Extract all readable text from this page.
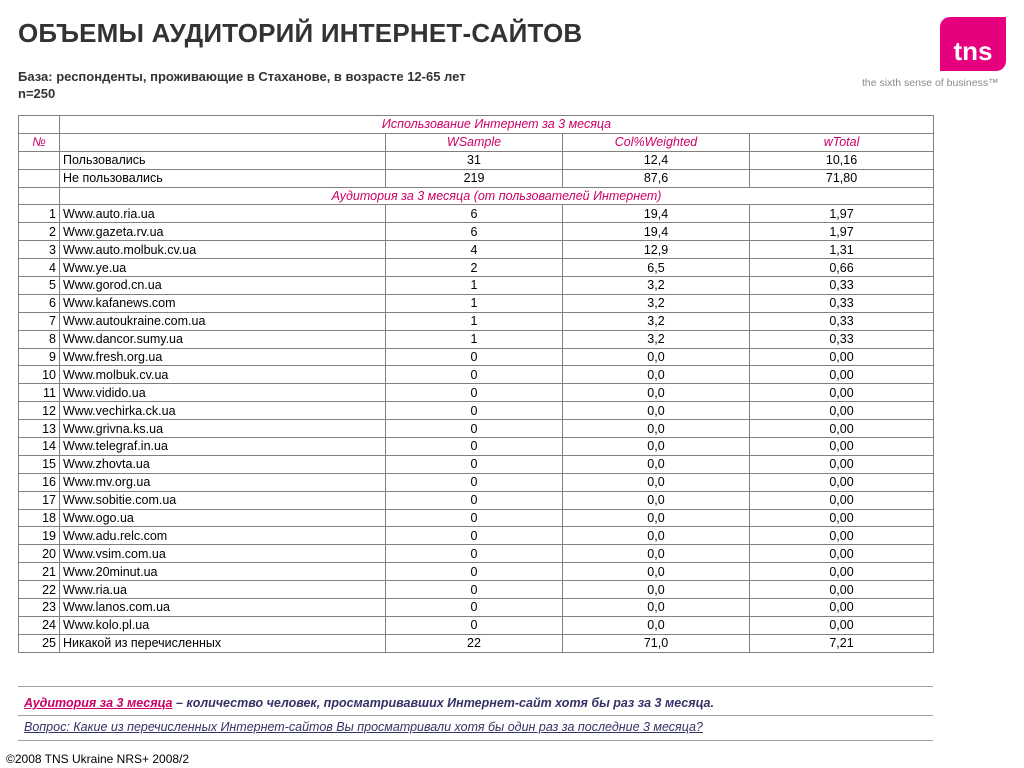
ОБЪЕМЫ АУДИТОРИЙ ИНТЕРНЕТ-САЙТОВ
tns
the sixth sense of business™
База: респонденты, проживающие в Стаханове, в возрасте 12-65 лет
n=250
	Использование Интернет за 3 месяца			
№		WSample	Col%Weighted	wTotal
	Пользовались	31	12,4	10,16
	Не пользовались	219	87,6	71,80
	Аудитория за 3 месяца (от пользователей Интернет)			
1	Www.auto.ria.ua	6	19,4	1,97
2	Www.gazeta.rv.ua	6	19,4	1,97
3	Www.auto.molbuk.cv.ua	4	12,9	1,31
4	Www.ye.ua	2	6,5	0,66
5	Www.gorod.cn.ua	1	3,2	0,33
6	Www.kafanews.com	1	3,2	0,33
7	Www.autoukraine.com.ua	1	3,2	0,33
8	Www.dancor.sumy.ua	1	3,2	0,33
9	Www.fresh.org.ua	0	0,0	0,00
10	Www.molbuk.cv.ua	0	0,0	0,00
11	Www.vidido.ua	0	0,0	0,00
12	Www.vechirka.ck.ua	0	0,0	0,00
13	Www.grivna.ks.ua	0	0,0	0,00
14	Www.telegraf.in.ua	0	0,0	0,00
15	Www.zhovta.ua	0	0,0	0,00
16	Www.mv.org.ua	0	0,0	0,00
17	Www.sobitie.com.ua	0	0,0	0,00
18	Www.ogo.ua	0	0,0	0,00
19	Www.adu.relc.com	0	0,0	0,00
20	Www.vsim.com.ua	0	0,0	0,00
21	Www.20minut.ua	0	0,0	0,00
22	Www.ria.ua	0	0,0	0,00
23	Www.lanos.com.ua	0	0,0	0,00
24	Www.kolo.pl.ua	0	0,0	0,00
25	Никакой из перечисленных	22	71,0	7,21
Аудитория за 3 месяца – количество человек, просматривавших Интернет-сайт хотя бы раз за 3 месяца.
Вопрос: Какие из перечисленных Интернет-сайтов Вы просматривали хотя бы один раз за последние 3 месяца?
©2008 TNS Ukraine NRS+ 2008/2
